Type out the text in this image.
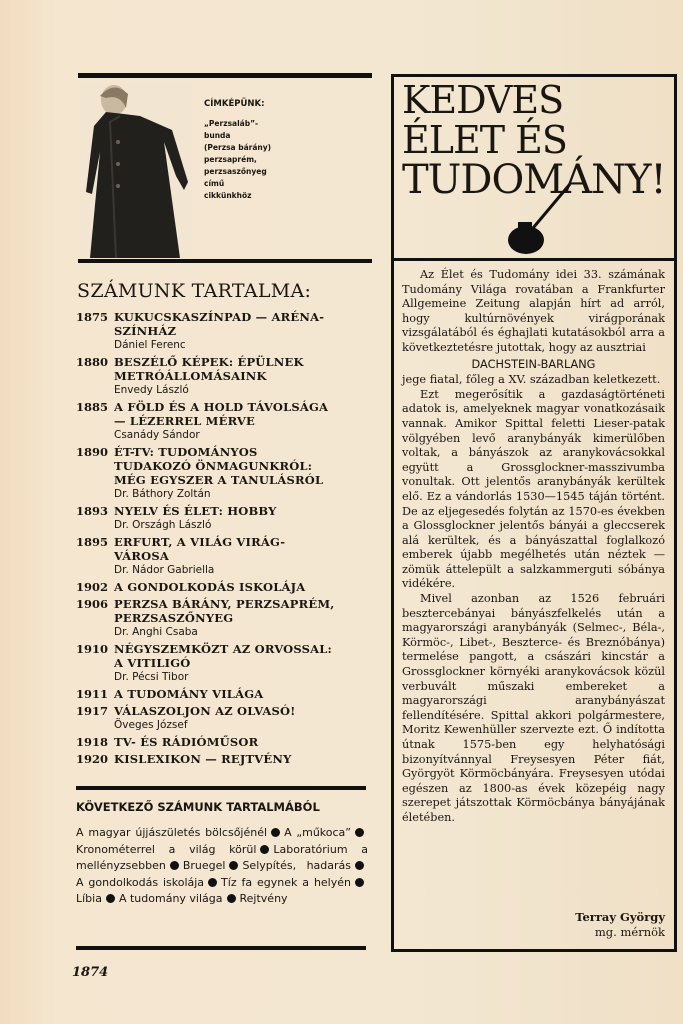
CÍMKÉPÜNK:
„Perzsaláb”-
bunda
(Perzsa bárány)
perzsaprém,
perzsaszőnyeg
című
cikkünkhöz
SZÁMUNK TARTALMA:
1875 KUKUCSKASZÍNPAD — ARÉNA-
SZÍNHÁZ
Dániel Ferenc
1880 BESZÉLŐ KÉPEK: ÉPÜLNEK
METRÓÁLLOMÁSAINK
Envedy László
1885 A FÖLD ÉS A HOLD TÁVOLSÁGA
— LÉZERREL MÉRVE
Csanády Sándor
1890 ÉT-TV: TUDOMÁNYOS
TUDAKOZÓ ÖNMAGUNKRÓL:
MÉG EGYSZER A TANULÁSRÓL
Dr. Báthory Zoltán
1893 NYELV ÉS ÉLET: HOBBY
Dr. Országh László
1895 ERFURT, A VILÁG VIRÁG-
VÁROSA
Dr. Nádor Gabriella
1902 A GONDOLKODÁS ISKOLÁJA
1906 PERZSA BÁRÁNY, PERZSAPRÉM,
PERZSASZŐNYEG
Dr. Anghi Csaba
1910 NÉGYSZEMKÖZT AZ ORVOSSAL:
A VITILIGÓ
Dr. Pécsi Tibor
1911 A TUDOMÁNY VILÁGA
1917 VÁLASZOLJON AZ OLVASÓ!
Öveges József
1918 TV- ÉS RÁDIÓMŰSOR
1920 KISLEXIKON — REJTVÉNY
KÖVETKEZŐ SZÁMUNK TARTALMÁBÓL
A magyar újjászületés bölcsőjénél A „műkoca”Kronométerrel a világ körül Laboratórium a mellényzsebben Bruegel Selypítés, hadarásA gondolkodás iskolája Tíz fa egynek a helyénLíbia A tudomány világa Rejtvény
1874
KEDVES
ÉLET ÉS
TUDOMÁNY!

Az Élet és Tudomány idei 33. számának Tudomány Világa rovatában a Frankfurter Allgemeine Zeitung alapján hírt ad arról, hogy kultúrnövények virágporának vizsgálatából és éghajlati kutatásokból arra a következtetésre jutottak, hogy az ausztriai

DACHSTEIN-BARLANG

jege fiatal, főleg a XV. században keletkezett.

Ezt megerősítik a gazdaságtörténeti adatok is, amelyeknek magyar vonatkozásaik vannak. Amikor Spittal feletti Lieser-patak völgyében levő aranybányák kimerülőben voltak, a bányászok az aranykovácsokkal együtt a Grossglockner-masszivumba vonultak. Ott jelentős aranybányák kerültek elő. Ez a vándorlás 1530—1545 táján történt. De az eljegesedés folytán az 1570-es években a Glossglockner jelentős bányái a gleccserek alá kerültek, és a bányászattal foglalkozó emberek újabb megélhetés után néztek — zömük áttelepült a salzkammerguti sóbánya vidékére.

Mivel azonban az 1526 februári besztercebányai bányászfelkelés után a magyarországi aranybányák (Selmec-, Béla-, Körmöc-, Libet-, Beszterce- és Breznóbánya) termelése pangott, a császári kincstár a Grossglockner környéki aranykovácsok közül verbuvált műszaki embereket a magyarországi aranybányászat fellendítésére. Spittal akkori polgármestere, Moritz Kewenhüller szervezte ezt. Ő indította útnak 1575-ben egy helyhatósági bizonyítvánnyal Freysesyen Péter fiát, Györgyöt Körmöcbányára. Freysesyen utódai egészen az 1800-as évek közepéig nagy szerepet játszottak Körmöcbánya bányájának életében.

Terray György
mg. mérnök
